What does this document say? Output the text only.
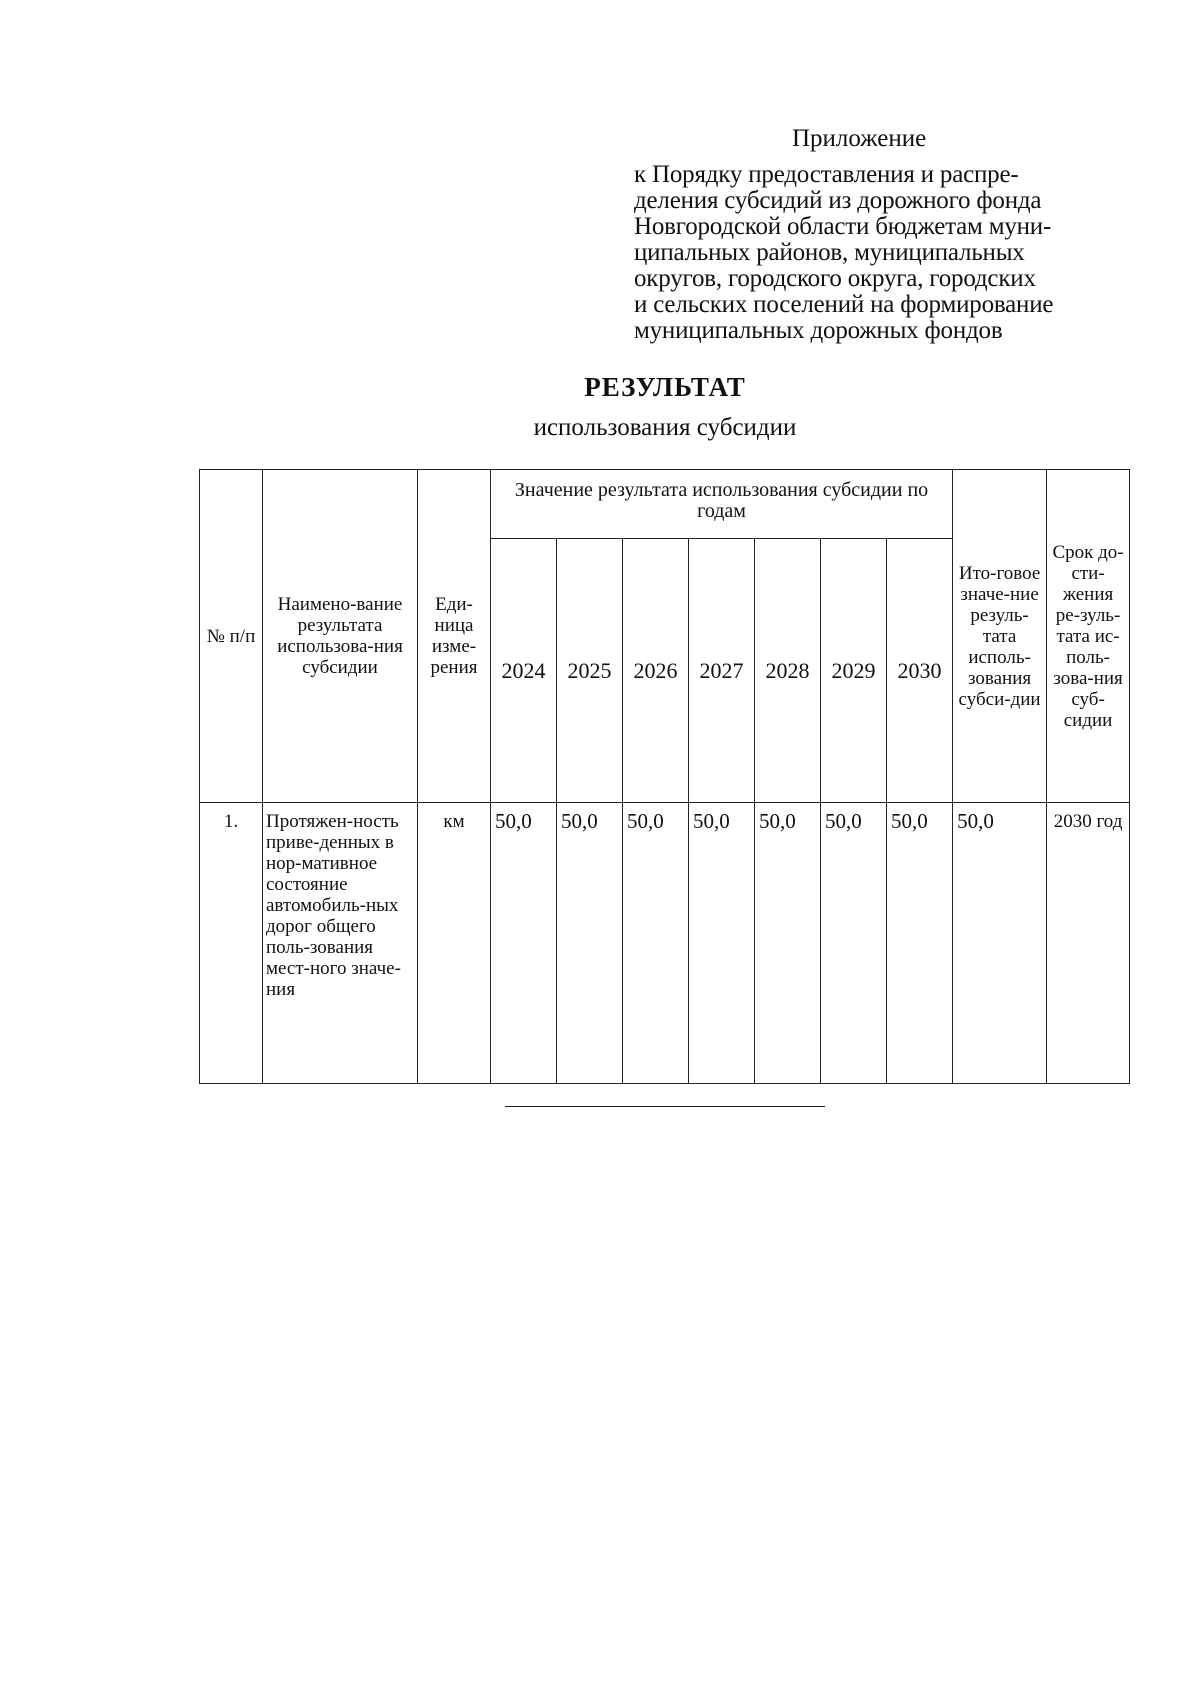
Приложение
к Порядку предоставления и распре-
деления субсидий из дорожного фонда
Новгородской области бюджетам муни-
ципальных районов, муниципальных
округов, городского округа, городских
и сельских поселений на формирование
муниципальных дорожных фондов
РЕЗУЛЬТАТ
использования субсидии
№ п/п	Наимено-вание результата использова-ния субсидии	Еди-ница изме-рения	Значение результата использования субсидии по годам							Ито-говое значе-ние резуль-тата исполь-зования субси-дии	Срок до-сти-жения ре-зуль-тата ис-поль-зова-ния суб-сидии
			2024	2025	2026	2027	2028	2029	2030		
1.	Протяжен-ность приве-денных в нор-мативное состояние автомобиль-ных дорог общего поль-зования мест-ного значе-ния	км	50,0	50,0	50,0	50,0	50,0	50,0	50,0	50,0	2030 год
